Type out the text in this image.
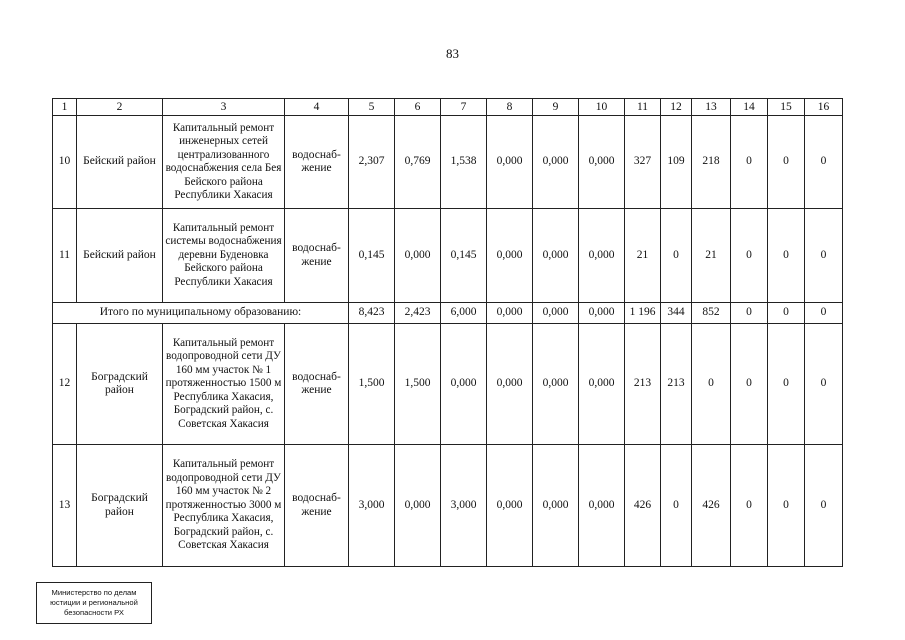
83
1	2	3	4	5	6	7	8	9	10	11	12	13	14	15	16
10	Бейский район	Капитальный ремонт инженерных сетей централизованного водоснабжения села Бея Бейского района Республики Хакасия	водоснаб-жение	2,307	0,769	1,538	0,000	0,000	0,000	327	109	218	0	0	0
11	Бейский район	Капитальный ремонт системы водоснабжения деревни Буденовка Бейского района Республики Хакасия	водоснаб-жение	0,145	0,000	0,145	0,000	0,000	0,000	21	0	21	0	0	0
Итого по муниципальному образованию:				8,423	2,423	6,000	0,000	0,000	0,000	1 196	344	852	0	0	0
12	Боградский район	Капитальный ремонт водопроводной сети ДУ 160 мм участок № 1 протяженностью 1500 м Республика Хакасия, Боградский район, с. Советская Хакасия	водоснаб-жение	1,500	1,500	0,000	0,000	0,000	0,000	213	213	0	0	0	0
13	Боградский район	Капитальный ремонт водопроводной сети ДУ 160 мм участок № 2 протяженностью 3000 м Республика Хакасия, Боградский район, с. Советская Хакасия	водоснаб-жение	3,000	0,000	3,000	0,000	0,000	0,000	426	0	426	0	0	0
Министерство по делам
юстиции и региональной
безопасности РХ
